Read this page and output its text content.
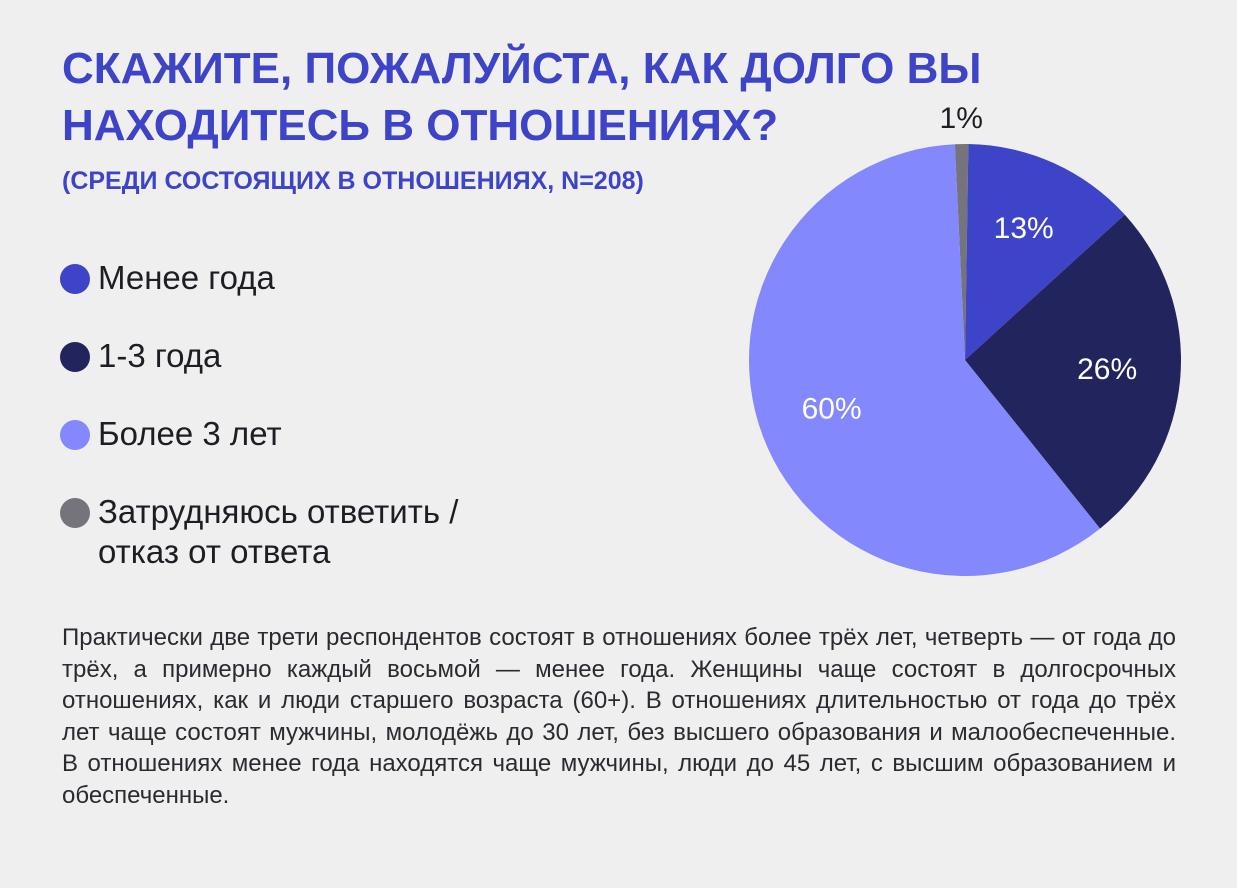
СКАЖИТЕ, ПОЖАЛУЙСТА, КАК ДОЛГО ВЫ НАХОДИТЕСЬ В ОТНОШЕНИЯХ?
(СРЕДИ СОСТОЯЩИХ В ОТНОШЕНИЯХ, N=208)
Менее года
1-3 года
Более 3 лет
Затрудняюсь ответить / отказ от ответа
1%
13%
26%
60%

Практически две трети респондентов состоят в отношениях более трёх лет, четверть — от года до трёх, а примерно каждый восьмой — менее года. Женщины чаще состоят в долгосрочных отношениях, как и люди старшего возраста (60+). В отношениях длительностью от года до трёх лет чаще состоят мужчины, молодёжь до 30 лет, без высшего образования и малообеспеченные. В отношениях менее года находятся чаще мужчины, люди до 45 лет, с высшим образованием и обеспеченные.
